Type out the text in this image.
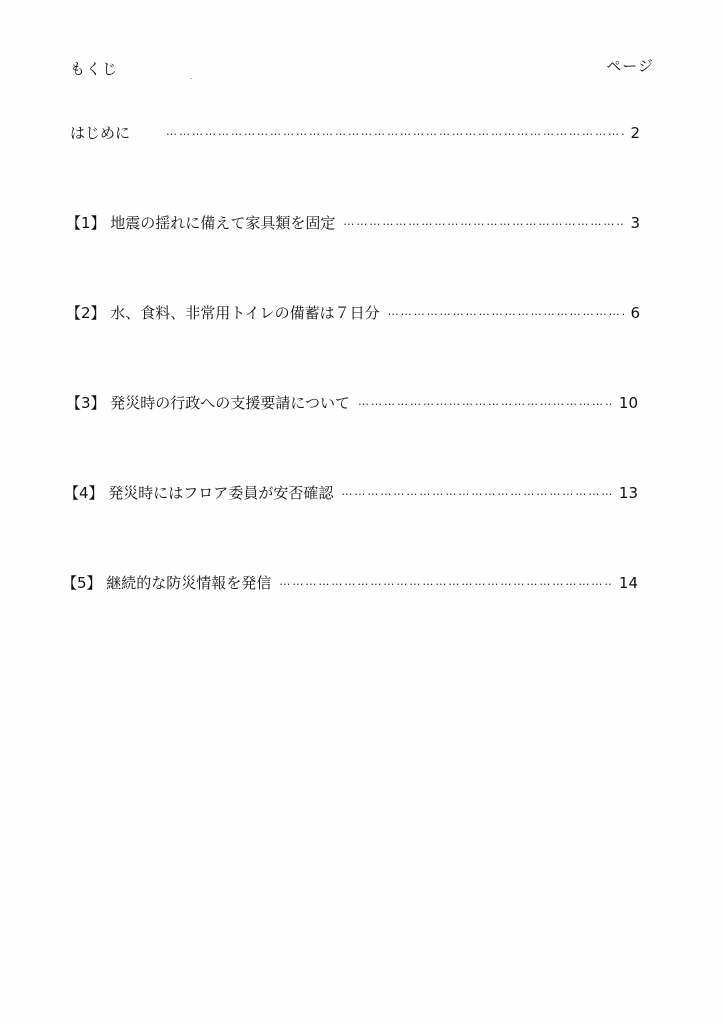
もくじ	ページ
はじめに ……………………………………………………………………………………………………………………………………………………………………	2
【1】 地震の揺れに備えて家具類を固定 ……………………………………………………………………………………………………………………………………………………………………	3
【2】 水、食料、非常用トイレの備蓄は７日分 ……………………………………………………………………………………………………………………………………………………………………	6
【3】 発災時の行政への支援要請について ……………………………………………………………………………………………………………………………………………………………………	10
【4】 発災時にはフロア委員が安否確認 ……………………………………………………………………………………………………………………………………………………………………	13
【5】 継続的な防災情報を発信 ……………………………………………………………………………………………………………………………………………………………………	14
